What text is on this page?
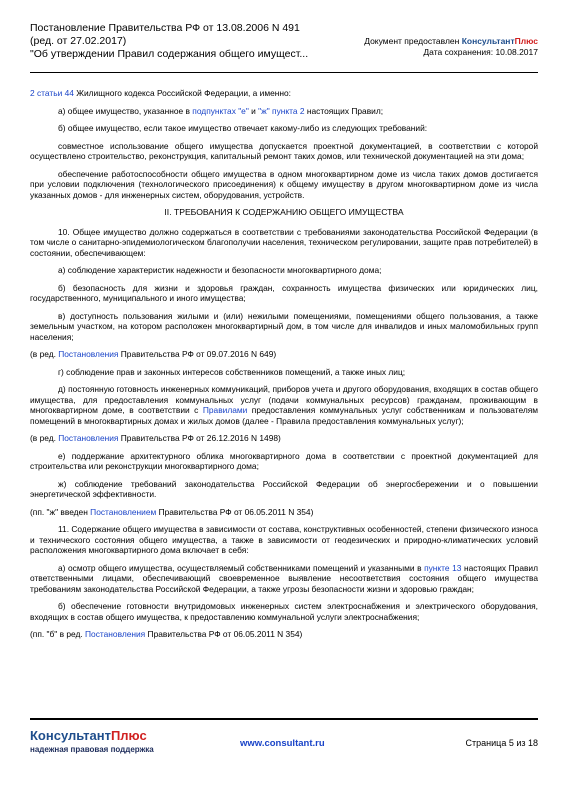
Постановление Правительства РФ от 13.08.2006 N 491
(ред. от 27.02.2017)
"Об утверждении Правил содержания общего имущест...
Документ предоставлен КонсультантПлюс
Дата сохранения: 10.08.2017

2 статьи 44 Жилищного кодекса Российской Федерации, а именно:

а) общее имущество, указанное в подпунктах "е" и "ж" пункта 2 настоящих Правил;

б) общее имущество, если такое имущество отвечает какому-либо из следующих требований:

совместное использование общего имущества допускается проектной документацией, в соответствии с которой осуществлено строительство, реконструкция, капитальный ремонт таких домов, или технической документацией на эти дома;

обеспечение работоспособности общего имущества в одном многоквартирном доме из числа таких домов достигается при условии подключения (технологического присоединения) к общему имуществу в другом многоквартирном доме из числа указанных домов - для инженерных систем, оборудования, устройств.

II. ТРЕБОВАНИЯ К СОДЕРЖАНИЮ ОБЩЕГО ИМУЩЕСТВА

10. Общее имущество должно содержаться в соответствии с требованиями законодательства Российской Федерации (в том числе о санитарно-эпидемиологическом благополучии населения, техническом регулировании, защите прав потребителей) в состоянии, обеспечивающем:

а) соблюдение характеристик надежности и безопасности многоквартирного дома;

б) безопасность для жизни и здоровья граждан, сохранность имущества физических или юридических лиц, государственного, муниципального и иного имущества;

в) доступность пользования жилыми и (или) нежилыми помещениями, помещениями общего пользования, а также земельным участком, на котором расположен многоквартирный дом, в том числе для инвалидов и иных маломобильных групп населения;

(в ред. Постановления Правительства РФ от 09.07.2016 N 649)

г) соблюдение прав и законных интересов собственников помещений, а также иных лиц;

д) постоянную готовность инженерных коммуникаций, приборов учета и другого оборудования, входящих в состав общего имущества, для предоставления коммунальных услуг (подачи коммунальных ресурсов) гражданам, проживающим в многоквартирном доме, в соответствии с Правилами предоставления коммунальных услуг собственникам и пользователям помещений в многоквартирных домах и жилых домов (далее - Правила предоставления коммунальных услуг);

(в ред. Постановления Правительства РФ от 26.12.2016 N 1498)

е) поддержание архитектурного облика многоквартирного дома в соответствии с проектной документацией для строительства или реконструкции многоквартирного дома;

ж) соблюдение требований законодательства Российской Федерации об энергосбережении и о повышении энергетической эффективности.

(пп. "ж" введен Постановлением Правительства РФ от 06.05.2011 N 354)

11. Содержание общего имущества в зависимости от состава, конструктивных особенностей, степени физического износа и технического состояния общего имущества, а также в зависимости от геодезических и природно-климатических условий расположения многоквартирного дома включает в себя:

а) осмотр общего имущества, осуществляемый собственниками помещений и указанными в пункте 13 настоящих Правил ответственными лицами, обеспечивающий своевременное выявление несоответствия состояния общего имущества требованиям законодательства Российской Федерации, а также угрозы безопасности жизни и здоровью граждан;

б) обеспечение готовности внутридомовых инженерных систем электроснабжения и электрического оборудования, входящих в состав общего имущества, к предоставлению коммунальной услуги электроснабжения;

(пп. "б" в ред. Постановления Правительства РФ от 06.05.2011 N 354)

КонсультантПлюс
надежная правовая поддержка
www.consultant.ru	Страница 5 из 18
